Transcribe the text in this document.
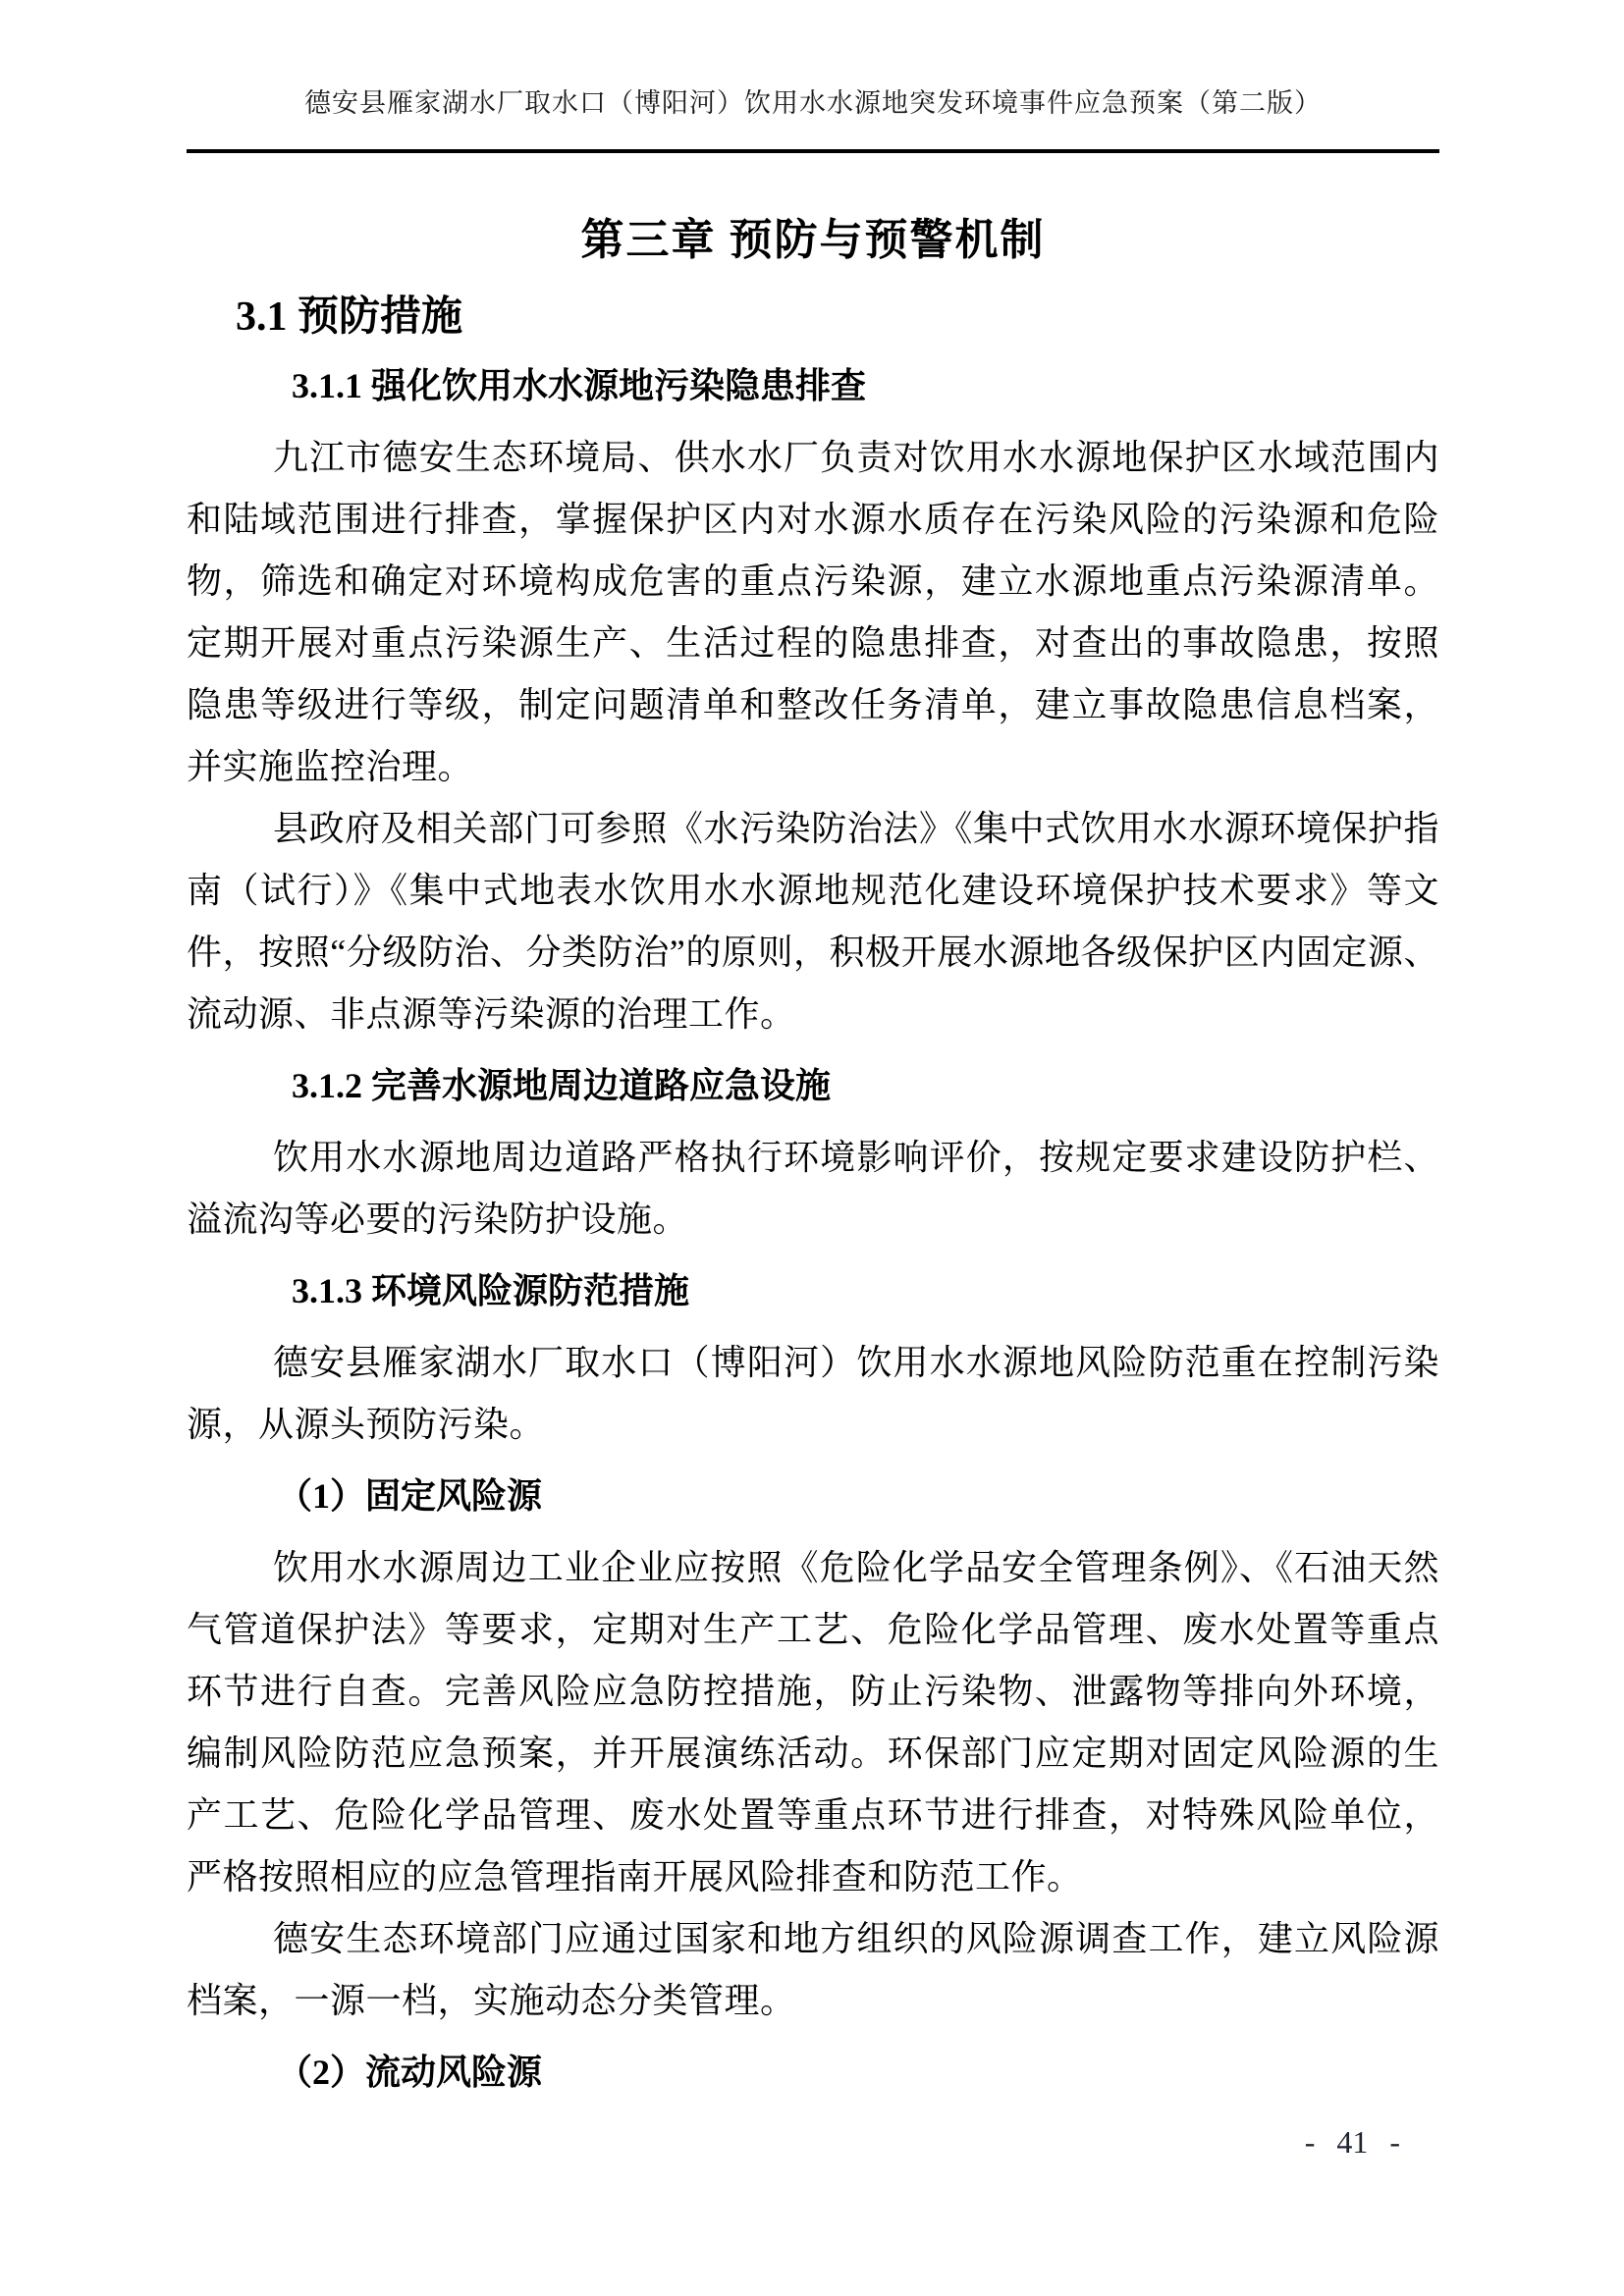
德安县雁家湖水厂取水口（博阳河）饮用水水源地突发环境事件应急预案（第二版）
第三章 预防与预警机制
3.1 预防措施
3.1.1 强化饮用水水源地污染隐患排查

九江市德安生态环境局、供水水厂负责对饮用水水源地保护区水域范围内和陆域范围进行排查，掌握保护区内对水源水质存在污染风险的污染源和危险物，筛选和确定对环境构成危害的重点污染源，建立水源地重点污染源清单。定期开展对重点污染源生产、生活过程的隐患排查，对查出的事故隐患，按照隐患等级进行等级，制定问题清单和整改任务清单，建立事故隐患信息档案，并实施监控治理。

县政府及相关部门可参照《水污染防治法》《集中式饮用水水源环境保护指南（试行）》《集中式地表水饮用水水源地规范化建设环境保护技术要求》等文件，按照“分级防治、分类防治”的原则，积极开展水源地各级保护区内固定源、流动源、非点源等污染源的治理工作。

3.1.2 完善水源地周边道路应急设施

饮用水水源地周边道路严格执行环境影响评价，按规定要求建设防护栏、溢流沟等必要的污染防护设施。

3.1.3 环境风险源防范措施

德安县雁家湖水厂取水口（博阳河）饮用水水源地风险防范重在控制污染源，从源头预防污染。

（1）固定风险源

饮用水水源周边工业企业应按照《危险化学品安全管理条例》、《石油天然气管道保护法》等要求，定期对生产工艺、危险化学品管理、废水处置等重点环节进行自查。完善风险应急防控措施，防止污染物、泄露物等排向外环境，编制风险防范应急预案，并开展演练活动。环保部门应定期对固定风险源的生产工艺、危险化学品管理、废水处置等重点环节进行排查，对特殊风险单位，严格按照相应的应急管理指南开展风险排查和防范工作。

德安生态环境部门应通过国家和地方组织的风险源调查工作，建立风险源档案，一源一档，实施动态分类管理。

（2）流动风险源
- 41 -
